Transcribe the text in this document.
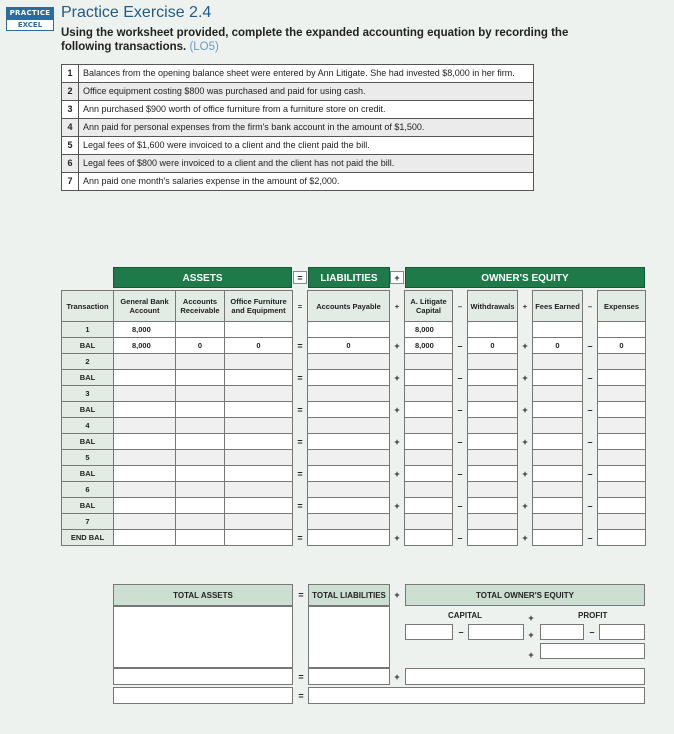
PRACTICE
EXCEL
Practice Exercise 2.4
Using the worksheet provided, complete the expanded accounting equation by recording the following transactions. (LO5)
1	Balances from the opening balance sheet were entered by Ann Litigate. She had invested $8,000 in her firm.
2	Office equipment costing $800 was purchased and paid for using cash.
3	Ann purchased $900 worth of office furniture from a furniture store on credit.
4	Ann paid for personal expenses from the firm's bank account in the amount of $1,500.
5	Legal fees of $1,600 were invoiced to a client and the client paid the bill.
6	Legal fees of $800 were invoiced to a client and the client has not paid the bill.
7	Ann paid one month's salaries expense in the amount of $2,000.
ASSETS	=	LIABILITIES	+	OWNER'S EQUITY
Transaction	General Bank Account	Accounts Receivable	Office Furniture and Equipment	=	Accounts Payable	+	A. Litigate Capital	–	Withdrawals	+	Fees Earned	–	Expenses
1	8,000						8,000						
BAL	8,000	0	0	=	0	+	8,000	–	0	+	0	–	0
2													
BAL				=		+		–		+		–	
3													
BAL				=		+		–		+		–	
4													
BAL				=		+		–		+		–	
5													
BAL				=		+		–		+		–	
6													
BAL				=		+		–		+		–	
7													
END BAL				=		+		–		+		–	
TOTAL ASSETS	=	TOTAL LIABILITIES +	TOTAL OWNER'S EQUITY
CAPITAL	PROFIT
–
+
+
+
–
=	+
=
